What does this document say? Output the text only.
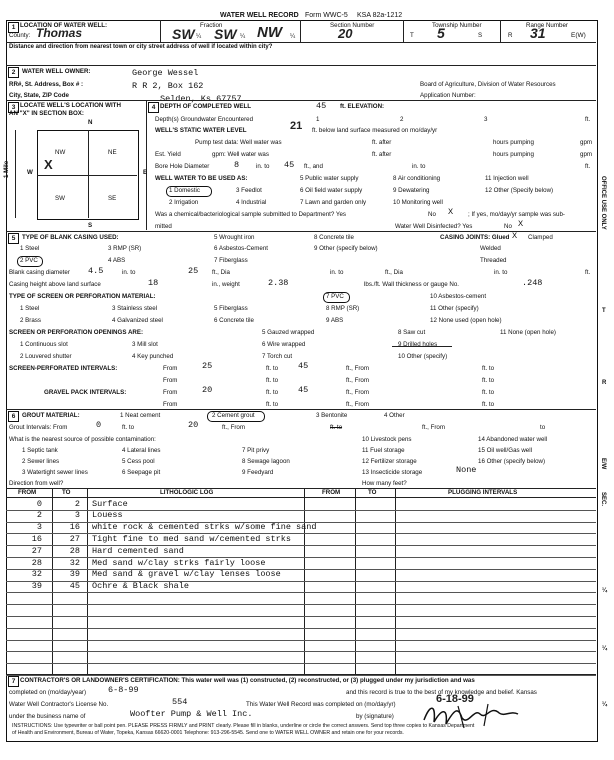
WATER WELL RECORD Form WWC-5 KSA 82a-1212
1 LOCATION OF WATER WELL:
County: Thomas
Fraction
SW ¼ SW ¼ NW ¼
Section Number
20
Township Number
T 5	S
Range Number
R 31	E(W)
Distance and direction from nearest town or city street address of well if located within city?
2	WATER WELL OWNER:
RR#, St. Address, Box # :
City, State, ZIP Code
George Wessel
R R 2, Box 162
Selden, Ks 67757
Board of Agriculture, Division of Water Resources
Application Number:
3 LOCATE WELL'S LOCATION WITH
AN "X" IN SECTION BOX:
N
S
W	E
NW	NE
SW	SE
X
1 Mile
4 DEPTH OF COMPLETED WELL	45 ft. ELEVATION:
Depth(s) Groundwater Encountered	1	2	3	ft.
WELL'S STATIC WATER LEVEL	21 ft. below land surface measured on mo/day/yr
Pump test data: Well water was	ft. after	hours pumping	gpm
Est. Yield	gpm: Well water was	ft. after	hours pumping	gpm
Bore Hole Diameter	8	in. to 45 ft., and	in. to	ft.
WELL WATER TO BE USED AS:	5 Public water supply	8 Air conditioning	11 Injection well
1 Domestic	3 Feedlot	6 Oil field water supply	9 Dewatering	12 Other (Specify below)
2 Irrigation	4 Industrial	7 Lawn and garden only	10 Monitoring well
Was a chemical/bacteriological sample submitted to Department? Yes	No X ; If yes, mo/day/yr sample was sub-
mitted	Water Well Disinfected? Yes	No X
5	TYPE OF BLANK CASING USED:
1 Steel	3 RMP (SR)
5 Wrought iron	8 Concrete tile
2 PVC	4 ABS
6 Asbestos-Cement	9 Other (specify below)
7 Fiberglass
CASING JOINTS: Glued X Clamped
Welded
Threaded
Blank casing diameter 4.5	in. to	25 ft., Dia	in. to	ft., Dia	in. to	ft.
Casing height above land surface	18	in., weight	2.38	lbs./ft. Wall thickness or gauge No.	.248
TYPE OF SCREEN OR PERFORATION MATERIAL:
1 Steel	3 Stainless steel	5 Fiberglass
7 PVC	10 Asbestos-cement
2 Brass	4 Galvanized steel	6 Concrete tile
8 RMP (SR)	11 Other (specify)
9 ABS	12 None used (open hole)
SCREEN OR PERFORATION OPENINGS ARE:	5 Gauzed wrapped	8 Saw cut	11 None (open hole)
1 Continuous slot	3 Mill slot	6 Wire wrapped	9 Drilled holes
2 Louvered shutter	4 Key punched	7 Torch cut	10 Other (specify)
SCREEN-PERFORATED INTERVALS:	From	25	ft. to 45	ft., From	ft. to
From	ft. to	ft., From	ft. to
GRAVEL PACK INTERVALS:	From	20	ft. to 45	ft., From	ft. to
From	ft. to	ft., From	ft. to
6	GROUT MATERIAL:	1 Neat cement	2 Cement grout	3 Bentonite	4 Other
Grout Intervals: From	0	ft. to	20	ft., From	ft. to	ft., From	to
What is the nearest source of possible contamination:	10 Livestock pens	14 Abandoned water well
1 Septic tank	4 Lateral lines	7 Pit privy	11 Fuel storage	15 Oil well/Gas well
2 Sewer lines	5 Cess pool	8 Sewage lagoon	12 Fertilizer storage	16 Other (specify below)
3 Watertight sewer lines	6 Seepage pit	9 Feedyard	13 Insecticide storage	None
Direction from well?	How many feet?
FROM	TO	LITHOLOGIC LOG	FROM	TO	PLUGGING INTERVALS
0	2 Surface
2	3 Louess
3	16 white rock & cemented strks w/some fine sand
16	27 Tight fine to med sand w/cemented strks
27	28 Hard cemented sand
28	32 Med sand w/clay strks fairly loose
32	39 Med sand & gravel w/clay lenses loose
39	45 Ochre & Black shale
7 CONTRACTOR'S OR LANDOWNER'S CERTIFICATION: This water well was (1) constructed, (2) reconstructed, or (3) plugged under my jurisdiction and was
completed on (mo/day/year)	6-8-99	and this record is true to the best of my knowledge and belief. Kansas
Water Well Contractor's License No.	554	This Water Well Record was completed on (mo/day/yr)	6-18-99
under the business name of	Woofter Pump & Well Inc.	by (signature)
INSTRUCTIONS: Use typewriter or ball point pen. PLEASE PRESS FIRMLY and PRINT clearly. Please fill in blanks, underline or circle the correct answers. Send top three copies to Kansas Department
of Health and Environment, Bureau of Water, Topeka, Kansas 66620-0001 Telephone: 913-296-5545. Send one to WATER WELL OWNER and retain one for your records.
OFFICE USE ONLY
T
R
E/W
SEC.
¼
¼
¼
